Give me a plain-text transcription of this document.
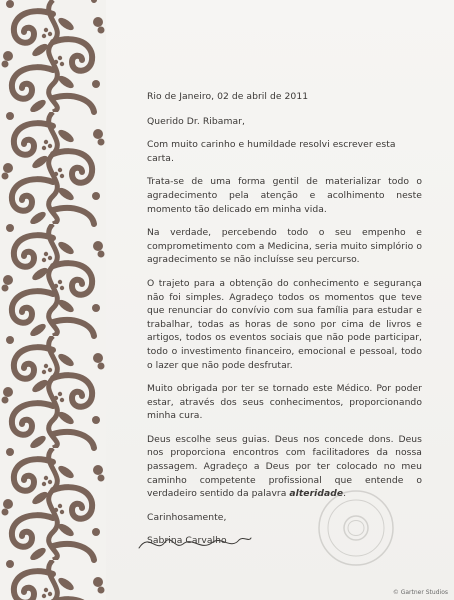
Rio de Janeiro, 02 de abril de 2011

Querido Dr. Ribamar,

Com muito carinho e humildade resolvi escrever esta carta.

Trata-se de uma forma gentil de materializar todo o agradecimento pela atenção e acolhimento neste momento tão delicado em minha vida.

Na verdade, percebendo todo o seu empenho e comprometimento com a Medicina, seria muito simplório o agradecimento se não incluísse seu percurso.

O trajeto para a obtenção do conhecimento e segurança não foi simples. Agradeço todos os momentos que teve que renunciar do convívio com sua família para estudar e trabalhar, todas as horas de sono por cima de livros e artigos, todos os eventos sociais que não pode participar, todo o investimento financeiro, emocional e pessoal, todo o lazer que não pode desfrutar.

Muito obrigada por ter se tornado este Médico. Por poder estar, através dos seus conhecimentos, proporcionando minha cura.

Deus escolhe seus guias. Deus nos concede dons. Deus nos proporciona encontros com facilitadores da nossa passagem. Agradeço a Deus por ter colocado no meu caminho competente profissional que entende o verdadeiro sentido da palavra alteridade.

Carinhosamente,

Sabrina Carvalho
© Gartner Studios
